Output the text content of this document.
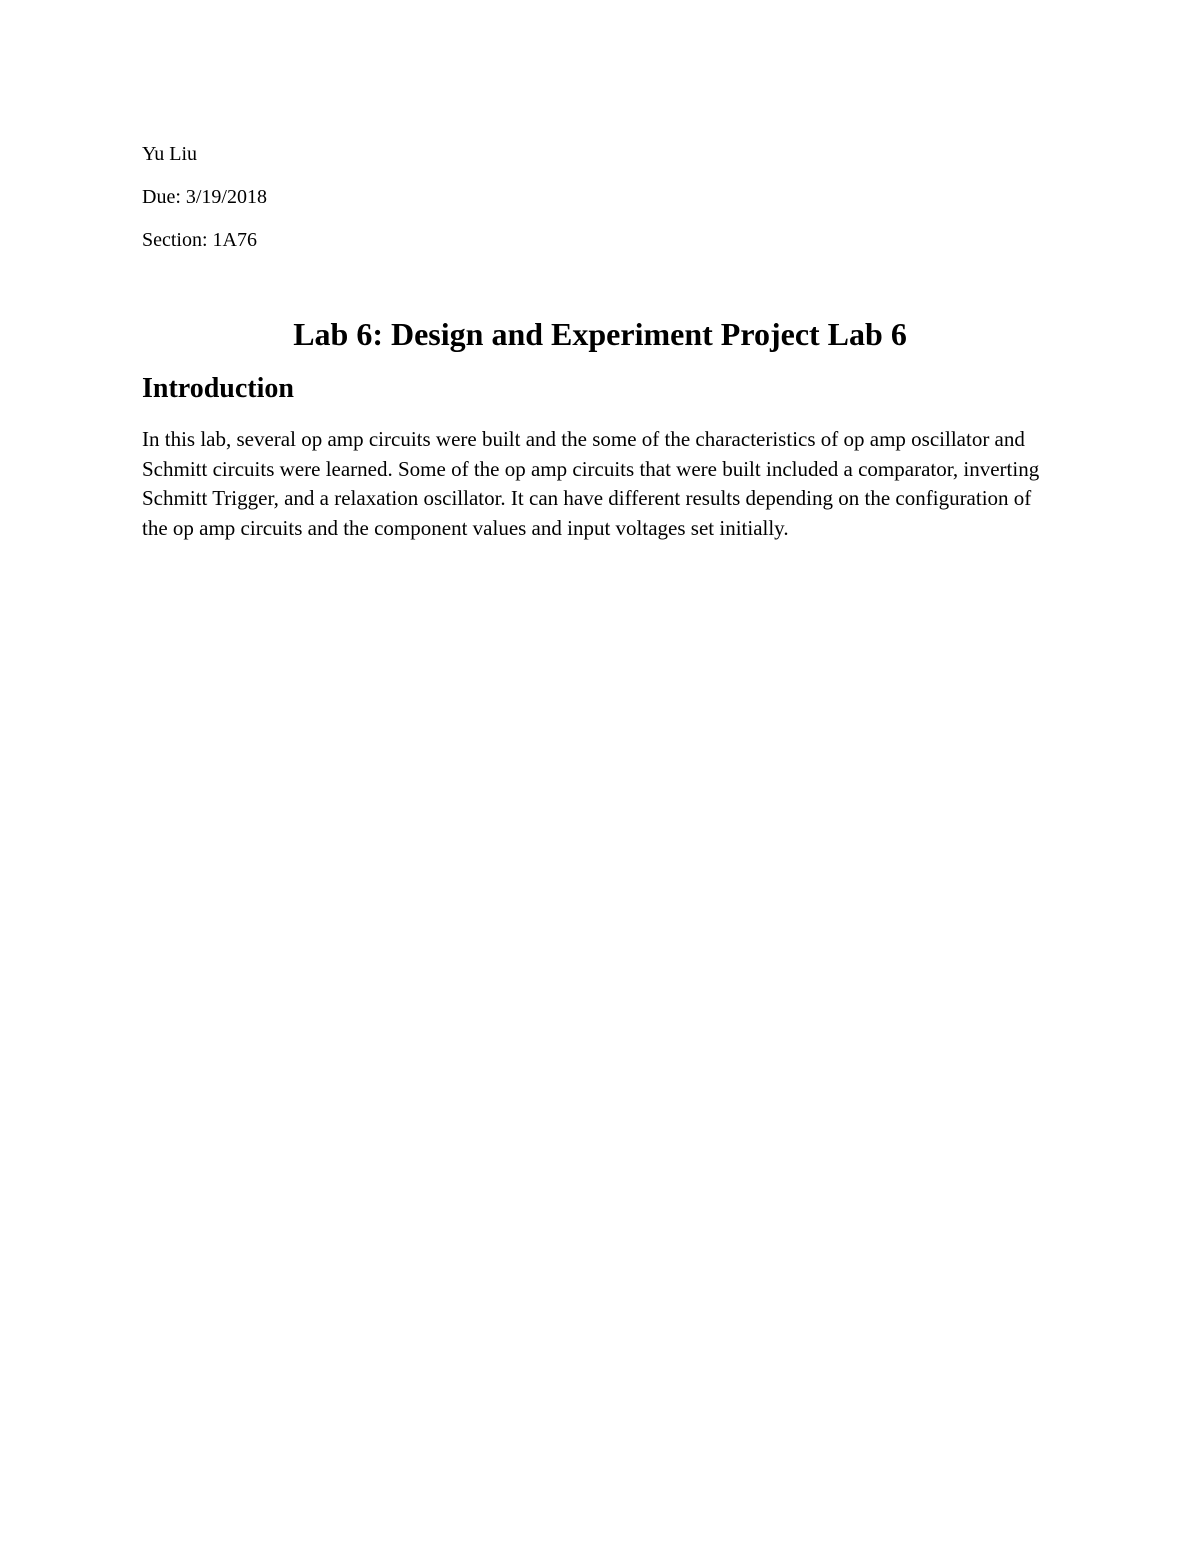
Yu Liu
Due: 3/19/2018
Section: 1A76
Lab 6: Design and Experiment Project Lab 6
Introduction

In this lab, several op amp circuits were built and the some of the characteristics of op amp oscillator and Schmitt circuits were learned. Some of the op amp circuits that were built included a comparator, inverting Schmitt Trigger, and a relaxation oscillator. It can have different results depending on the configuration of the op amp circuits and the component values and input voltages set initially.
